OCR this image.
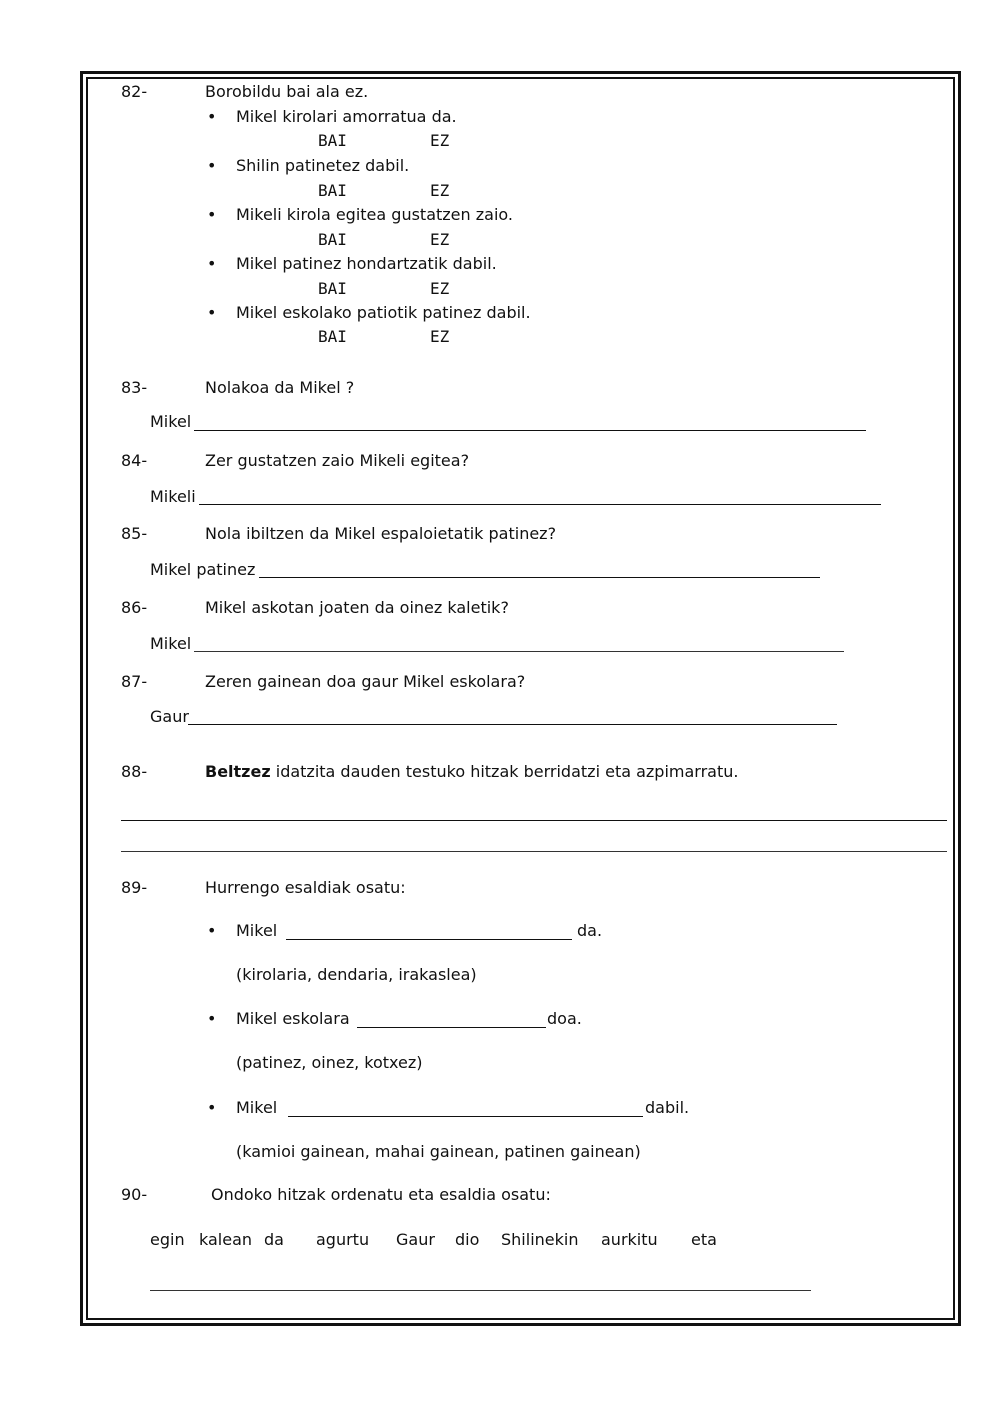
82-	Borobildu bai ala ez.
• Mikel kirolari amorratua da.
BAI	EZ
• Shilin patinetez dabil.
BAI	EZ
• Mikeli kirola egitea gustatzen zaio.
BAI	EZ
• Mikel patinez hondartzatik dabil.
BAI	EZ
• Mikel eskolako patiotik patinez dabil.
BAI	EZ
83-	Nolakoa da Mikel ?
Mikel
84-	Zer gustatzen zaio Mikeli egitea?
Mikeli
85-	Nola ibiltzen da Mikel espaloietatik patinez?
Mikel patinez
86-	Mikel askotan joaten da oinez kaletik?
Mikel
87-	Zeren gainean doa gaur Mikel eskolara?
Gaur
88-	Beltzez idatzita dauden testuko hitzak berridatzi eta azpimarratu.
89-	Hurrengo esaldiak osatu:
• Mikel	da.
(kirolaria, dendaria, irakaslea)
• Mikel eskolara	doa.
(patinez, oinez, kotxez)
• Mikel	dabil.
(kamioi gainean, mahai gainean, patinen gainean)
90-	Ondoko hitzak ordenatu eta esaldia osatu:
egin kalean da agurtu Gaur dio Shilinekin aurkitu eta
